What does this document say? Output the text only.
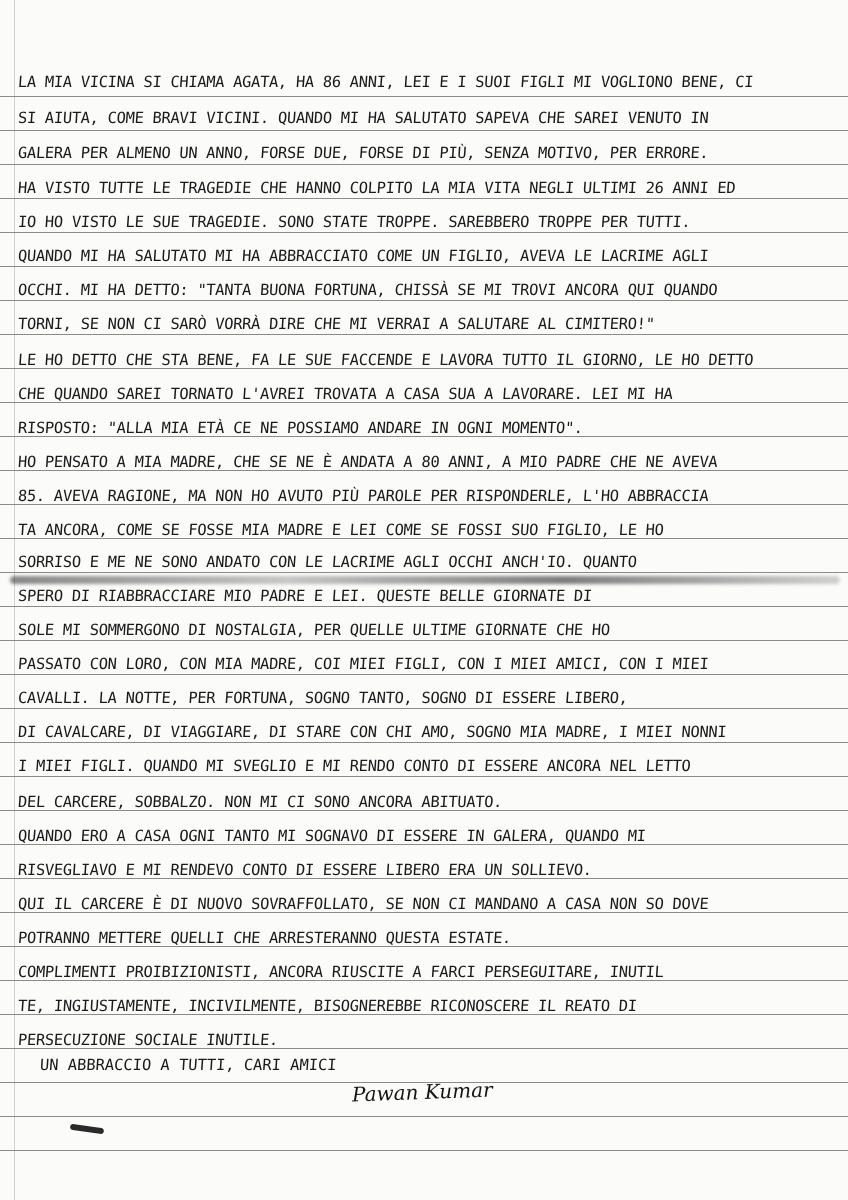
LA MIA VICINA SI CHIAMA AGATA, HA 86 ANNI, LEI E I SUOI FIGLI MI VOGLIONO BENE, CI
SI AIUTA, COME BRAVI VICINI. QUANDO MI HA SALUTATO SAPEVA CHE SAREI VENUTO IN
GALERA PER ALMENO UN ANNO, FORSE DUE, FORSE DI PIÙ, SENZA MOTIVO, PER ERRORE.
HA VISTO TUTTE LE TRAGEDIE CHE HANNO COLPITO LA MIA VITA NEGLI ULTIMI 26 ANNI ED
IO HO VISTO LE SUE TRAGEDIE. SONO STATE TROPPE. SAREBBERO TROPPE PER TUTTI.
QUANDO MI HA SALUTATO MI HA ABBRACCIATO COME UN FIGLIO, AVEVA LE LACRIME AGLI
OCCHI. MI HA DETTO: "TANTA BUONA FORTUNA, CHISSÀ SE MI TROVI ANCORA QUI QUANDO
TORNI, SE NON CI SARÒ VORRÀ DIRE CHE MI VERRAI A SALUTARE AL CIMITERO!"
LE HO DETTO CHE STA BENE, FA LE SUE FACCENDE E LAVORA TUTTO IL GIORNO, LE HO DETTO
CHE QUANDO SAREI TORNATO L'AVREI TROVATA A CASA SUA A LAVORARE. LEI MI HA
RISPOSTO: "ALLA MIA ETÀ CE NE POSSIAMO ANDARE IN OGNI MOMENTO".
HO PENSATO A MIA MADRE, CHE SE NE È ANDATA A 80 ANNI, A MIO PADRE CHE NE AVEVA
85. AVEVA RAGIONE, MA NON HO AVUTO PIÙ PAROLE PER RISPONDERLE, L'HO ABBRACCIA
TA ANCORA, COME SE FOSSE MIA MADRE E LEI COME SE FOSSI SUO FIGLIO, LE HO
SORRISO E ME NE SONO ANDATO CON LE LACRIME AGLI OCCHI ANCH'IO. QUANTO
SPERO DI RIABBRACCIARE MIO PADRE E LEI. QUESTE BELLE GIORNATE DI
SOLE MI SOMMERGONO DI NOSTALGIA, PER QUELLE ULTIME GIORNATE CHE HO
PASSATO CON LORO, CON MIA MADRE, COI MIEI FIGLI, CON I MIEI AMICI, CON I MIEI
CAVALLI. LA NOTTE, PER FORTUNA, SOGNO TANTO, SOGNO DI ESSERE LIBERO,
DI CAVALCARE, DI VIAGGIARE, DI STARE CON CHI AMO, SOGNO MIA MADRE, I MIEI NONNI
I MIEI FIGLI. QUANDO MI SVEGLIO E MI RENDO CONTO DI ESSERE ANCORA NEL LETTO
DEL CARCERE, SOBBALZO. NON MI CI SONO ANCORA ABITUATO.
QUANDO ERO A CASA OGNI TANTO MI SOGNAVO DI ESSERE IN GALERA, QUANDO MI
RISVEGLIAVO E MI RENDEVO CONTO DI ESSERE LIBERO ERA UN SOLLIEVO.
QUI IL CARCERE È DI NUOVO SOVRAFFOLLATO, SE NON CI MANDANO A CASA NON SO DOVE
POTRANNO METTERE QUELLI CHE ARRESTERANNO QUESTA ESTATE.
COMPLIMENTI PROIBIZIONISTI, ANCORA RIUSCITE A FARCI PERSEGUITARE, INUTIL
TE, INGIUSTAMENTE, INCIVILMENTE, BISOGNEREBBE RICONOSCERE IL REATO DI
PERSECUZIONE SOCIALE INUTILE.
UN ABBRACCIO A TUTTI, CARI AMICI
Pawan Kumar
